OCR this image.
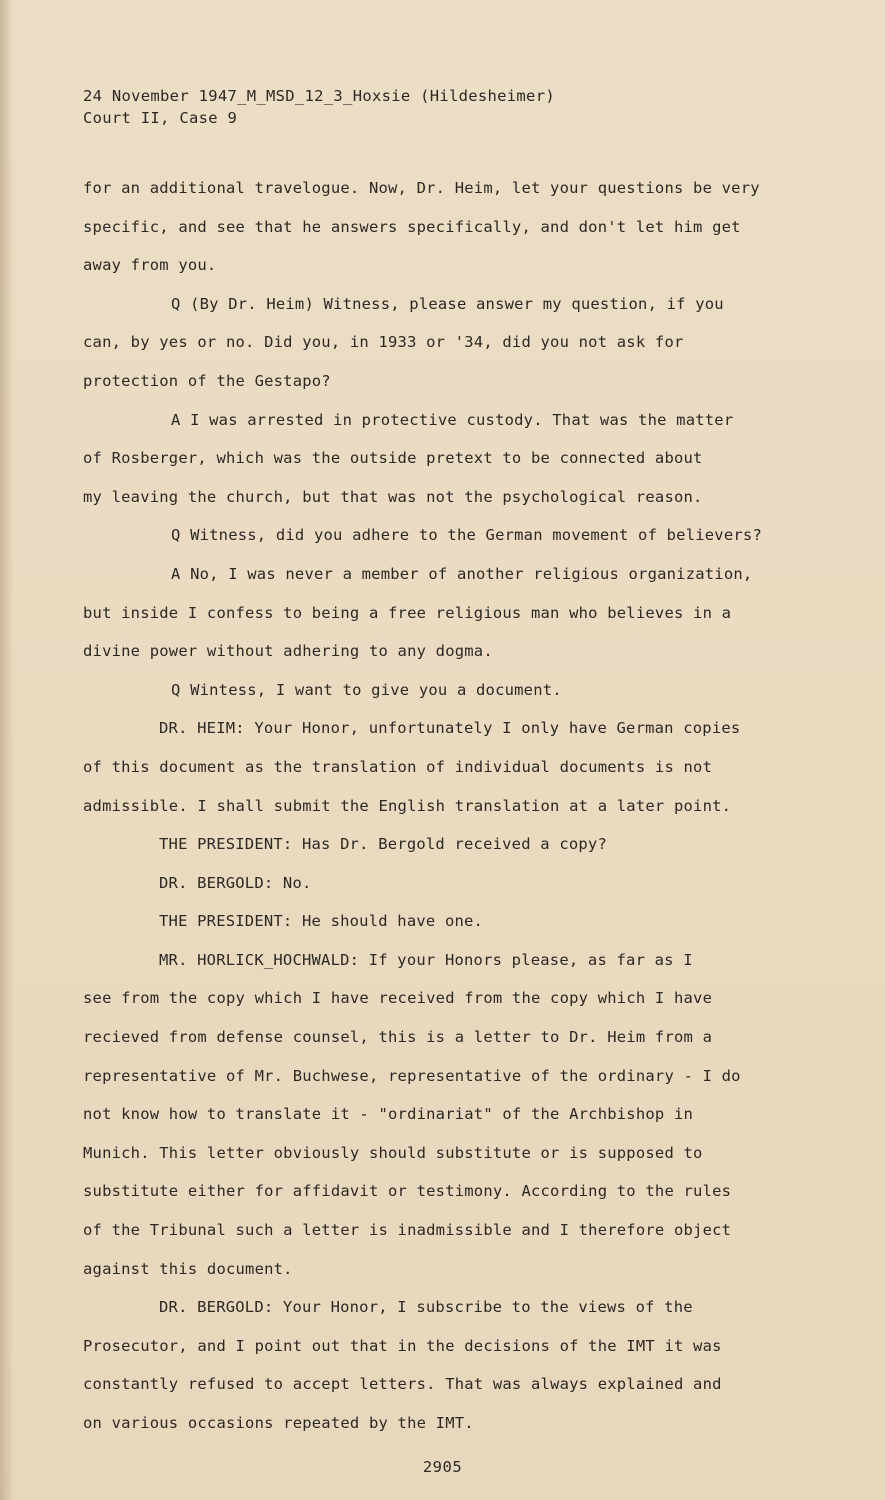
24 November 1947_M_MSD_12_3_Hoxsie (Hildesheimer)
Court II, Case 9
for an additional travelogue. Now, Dr. Heim, let your questions be very
specific, and see that he answers specifically, and don't let him get
away from you.
Q (By Dr. Heim) Witness, please answer my question, if you
can, by yes or no. Did you, in 1933 or '34, did you not ask for
protection of the Gestapo?
A I was arrested in protective custody. That was the matter
of Rosberger, which was the outside pretext to be connected about
my leaving the church, but that was not the psychological reason.
Q Witness, did you adhere to the German movement of believers?
A No, I was never a member of another religious organization,
but inside I confess to being a free religious man who believes in a
divine power without adhering to any dogma.
Q Wintess, I want to give you a document.
DR. HEIM: Your Honor, unfortunately I only have German copies
of this document as the translation of individual documents is not
admissible. I shall submit the English translation at a later point.
THE PRESIDENT: Has Dr. Bergold received a copy?
DR. BERGOLD: No.
THE PRESIDENT: He should have one.
MR. HORLICK_HOCHWALD: If your Honors please, as far as I
see from the copy which I have received from the copy which I have
recieved from defense counsel, this is a letter to Dr. Heim from a
representative of Mr. Buchwese, representative of the ordinary - I do
not know how to translate it - "ordinariat" of the Archbishop in
Munich. This letter obviously should substitute or is supposed to
substitute either for affidavit or testimony. According to the rules
of the Tribunal such a letter is inadmissible and I therefore object
against this document.
DR. BERGOLD: Your Honor, I subscribe to the views of the
Prosecutor, and I point out that in the decisions of the IMT it was
constantly refused to accept letters. That was always explained and
on various occasions repeated by the IMT.
2905
